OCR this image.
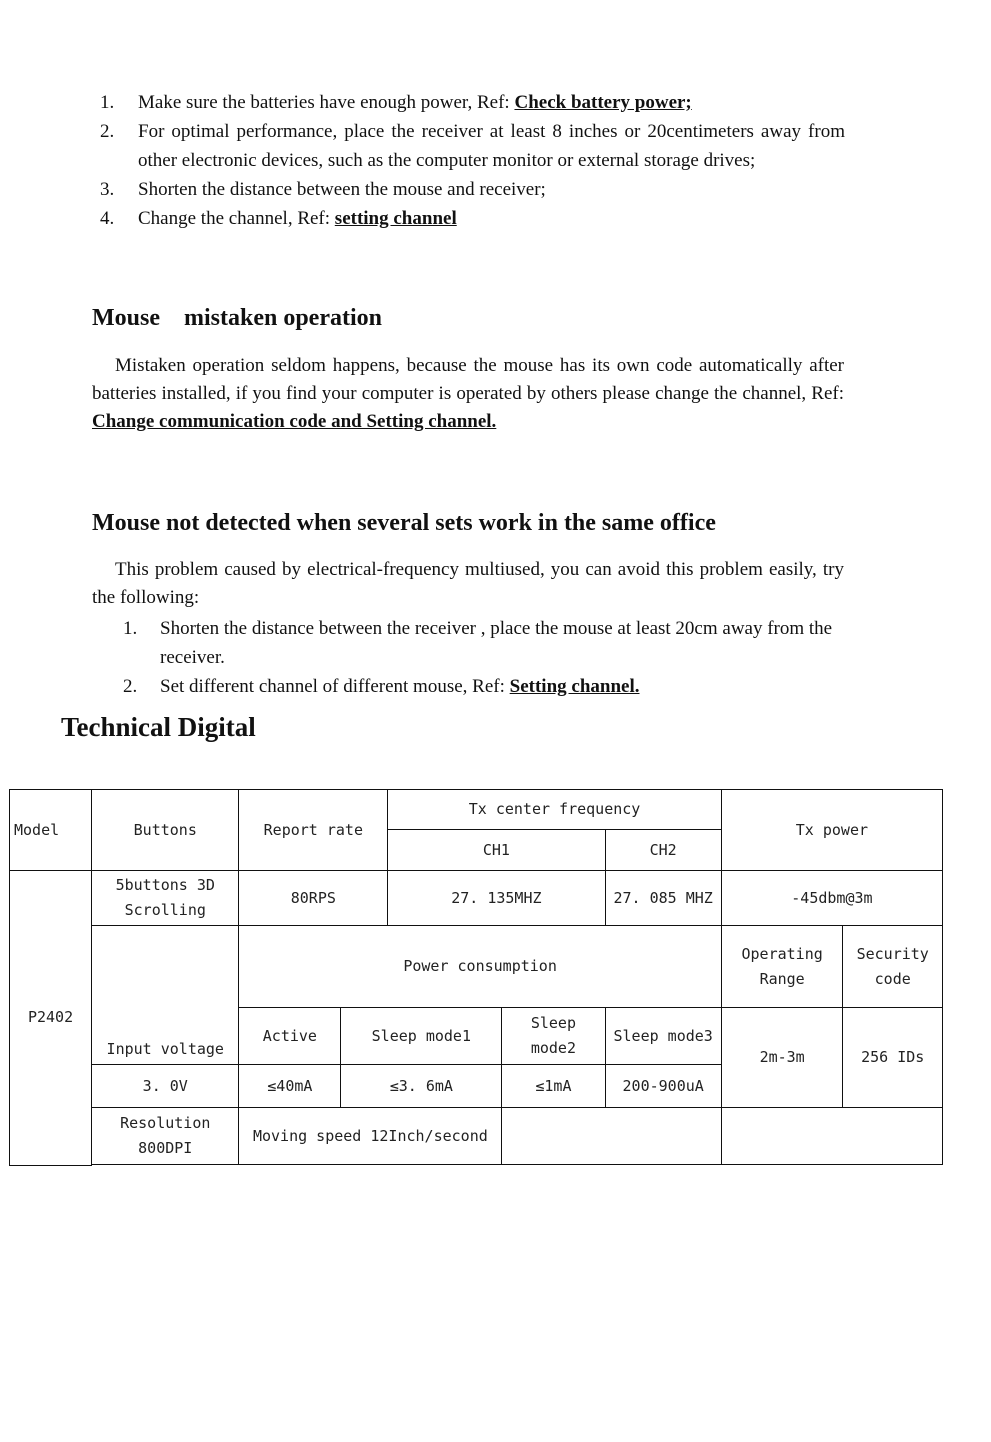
1.	Make sure the batteries have enough power, Ref: Check battery power;
2.	For optimal performance, place the receiver at least 8 inches or 20centimeters away from other electronic devices, such as the computer monitor or external storage drives;
3.	Shorten the distance between the mouse and receiver;
4.	Change the channel, Ref: setting channel
Mouse    mistaken operation

Mistaken operation seldom happens, because the mouse has its own code automatically after batteries installed, if you find your computer is operated by others please change the channel, Ref: Change communication code and Setting channel.

Mouse not detected when several sets work in the same office

This problem caused by electrical-frequency multiused, you can avoid this problem easily, try the following:

1.	Shorten the distance between the receiver , place the mouse at least 20cm away from the receiver.
2.	Set different channel of different mouse, Ref: Setting channel.
Technical Digital
Model	Buttons	Report rate		Tx center frequency			Tx power	
				CH1		CH2		
P2402	5buttons 3D Scrolling	80RPS		27. 135MHZ		27. 085 MHZ	-45dbm@3m	
	Input voltage	Power consumption					Operating Range	Security code
		Active	Sleep mode1		Sleep mode2	Sleep mode3	2m-3m	256 IDs
	3. 0V	≤40mA	≤3. 6mA		≤1mA	200-900uA		
	Resolution 800DPI	Moving speed 12Inch/second						
